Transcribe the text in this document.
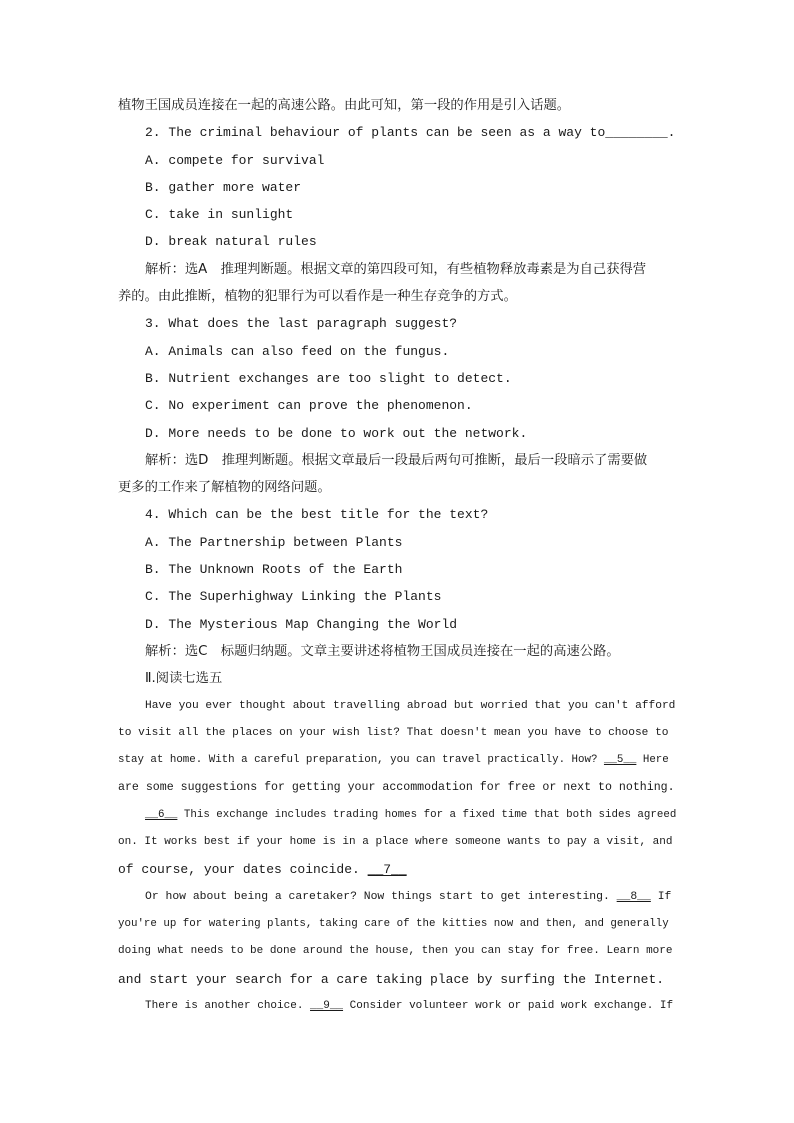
植物王国成员连接在一起的高速公路。由此可知，第一段的作用是引入话题。
2. The criminal behaviour of plants can be seen as a way to________.
A. compete for survival
B. gather more water
C. take in sunlight
D. break natural rules
解析：选A　推理判断题。根据文章的第四段可知，有些植物释放毒素是为自己获得营
养的。由此推断，植物的犯罪行为可以看作是一种生存竞争的方式。
3. What does the last paragraph suggest?
A. Animals can also feed on the fungus.
B. Nutrient exchanges are too slight to detect.
C. No experiment can prove the phenomenon.
D. More needs to be done to work out the network.
解析：选D　推理判断题。根据文章最后一段最后两句可推断，最后一段暗示了需要做
更多的工作来了解植物的网络问题。
4. Which can be the best title for the text?
A. The Partnership between Plants
B. The Unknown Roots of the Earth
C. The Superhighway Linking the Plants
D. The Mysterious Map Changing the World
解析：选C　标题归纳题。文章主要讲述将植物王国成员连接在一起的高速公路。
Ⅱ.阅读七选五
Have you ever thought about travelling abroad but worried that you can't afford
to visit all the places on your wish list? That doesn't mean you have to choose to
stay at home. With a careful preparation, you can travel practically. How? __5__ Here
are some suggestions for getting your accommodation for free or next to nothing.
__6__ This exchange includes trading homes for a fixed time that both sides agreed
on. It works best if your home is in a place where someone wants to pay a visit, and
of course, your dates coincide. __7__
Or how about being a caretaker? Now things start to get interesting. __8__ If
you're up for watering plants, taking care of the kitties now and then, and generally
doing what needs to be done around the house, then you can stay for free. Learn more
and start your search for a care taking place by surfing the Internet.
There is another choice. __9__ Consider volunteer work or paid work exchange. If
